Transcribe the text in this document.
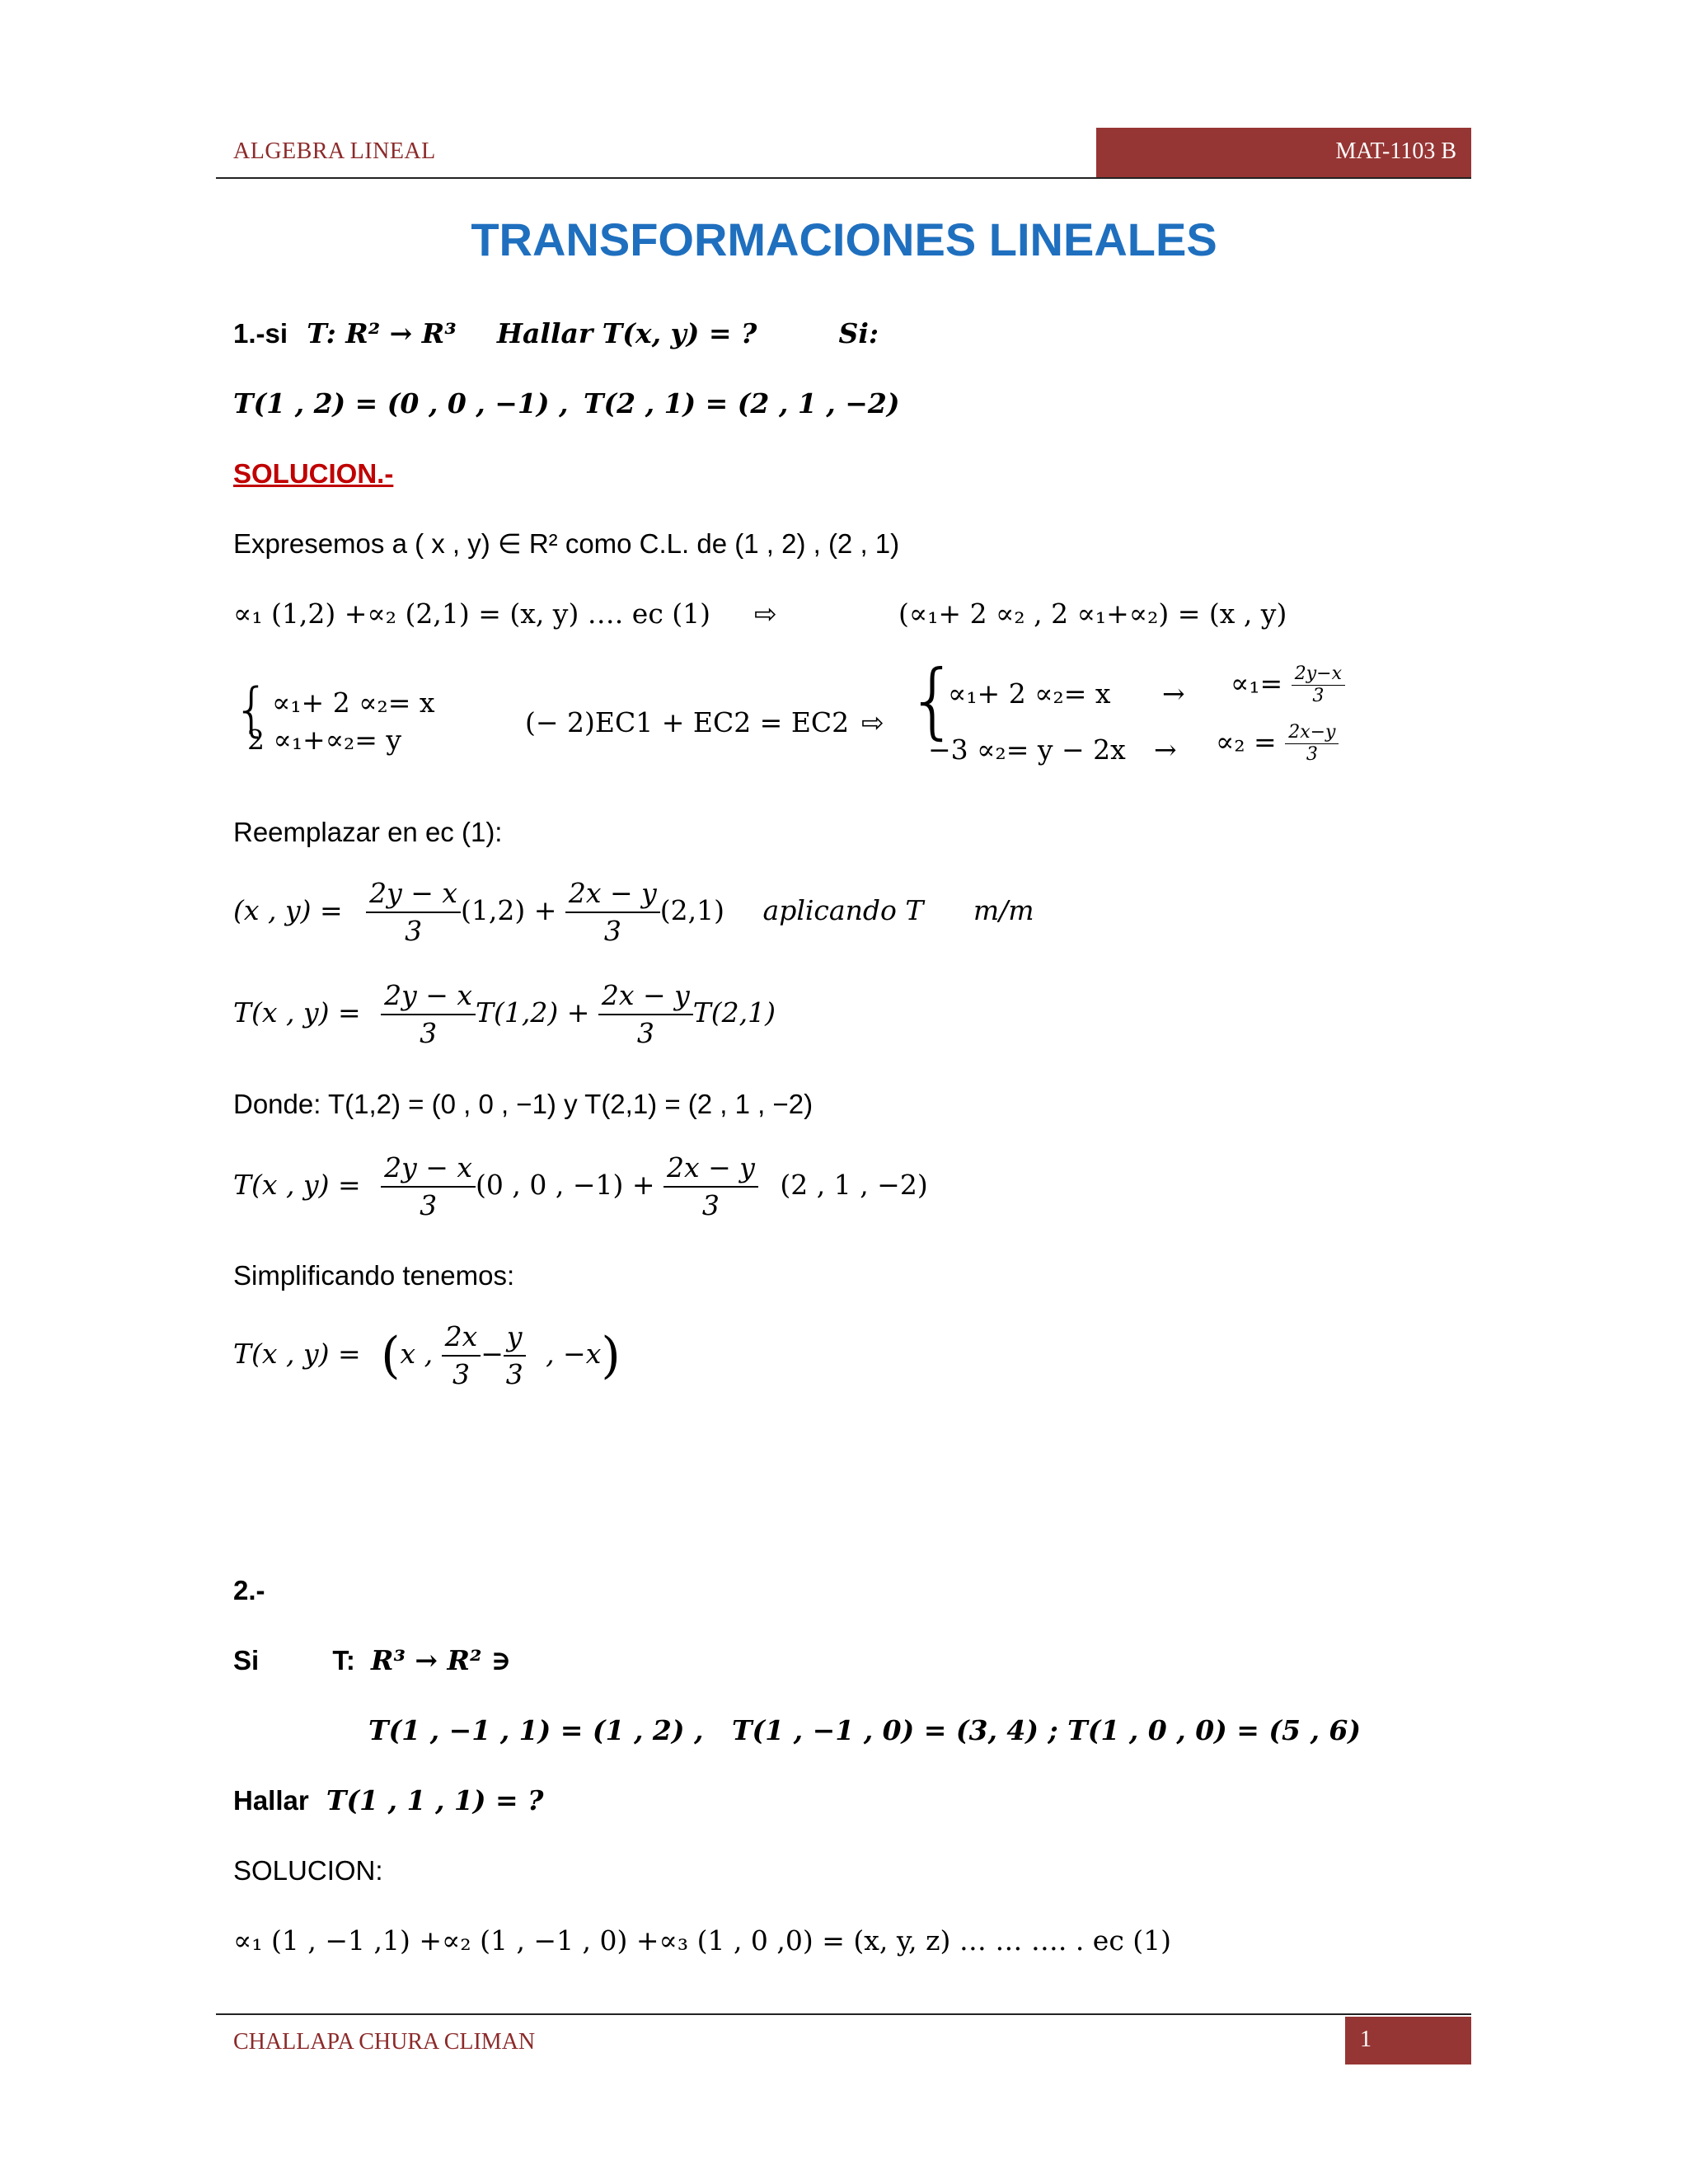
ALGEBRA LINEAL	MAT-1103 B
TRANSFORMACIONES LINEALES
1.-si T: R² → R³ Hallar T(x, y) = ?	Si:
T(1 , 2) = (0 , 0 , −1) , T(2 , 1) = (2 , 1 , −2)
SOLUCION.-
Expresemos a ( x , y) ∈ R² como C.L. de (1 , 2) , (2 , 1)
∝₁ (1,2) +∝₂ (2,1) = (x, y) …. ec (1) ⇨	(∝₁+ 2 ∝₂ , 2 ∝₁+∝₂) = (x , y)
{ ∝₁+ 2 ∝₂= x
2 ∝₁+∝₂= y
(− 2)EC1 + EC2 = EC2 ⇨ {
∝₁+ 2 ∝₂= x
−3 ∝₂= y − 2x
→
→
$\propto_1= \frac{2y-x}{3}$
$\propto_2 = \frac{2x-y}{3}$
Reemplazar en ec (1):
(x , $y) = \frac{2y - x}{3} (1,2) + \frac{2x - y}{3} (2,1)$ aplicando T m/m
T(x , $y) = \frac{2y - x}{3} T(1,2) + \frac{2x - y}{3} T(2,1)$
Donde: T(1,2) = (0 , 0 , −1) y T(2,1) = (2 , 1 , −2)
T(x , $y) = \frac{2y - x}{3} (0$ , 0 , $-1) + \frac{2x - y}{3} (2$ , 1 , −2)
Simplificando tenemos:
T(x , y) = (x , $\frac{2x}{3} - \frac{y}{3}$ , −x)
2.-
Si	T: R³ → R² ∋
T(1 , −1 , 1) = (1 , 2) , T(1 , −1 , 0) = (3, 4) ; T(1 , 0 , 0) = (5 , 6)
Hallar T(1 , 1 , 1) = ?
SOLUCION:
∝₁ (1 , −1 ,1) +∝₂ (1 , −1 , 0) +∝₃ (1 , 0 ,0) = (x, y, z) … … …. . ec (1)
CHALLAPA CHURA CLIMAN	1
